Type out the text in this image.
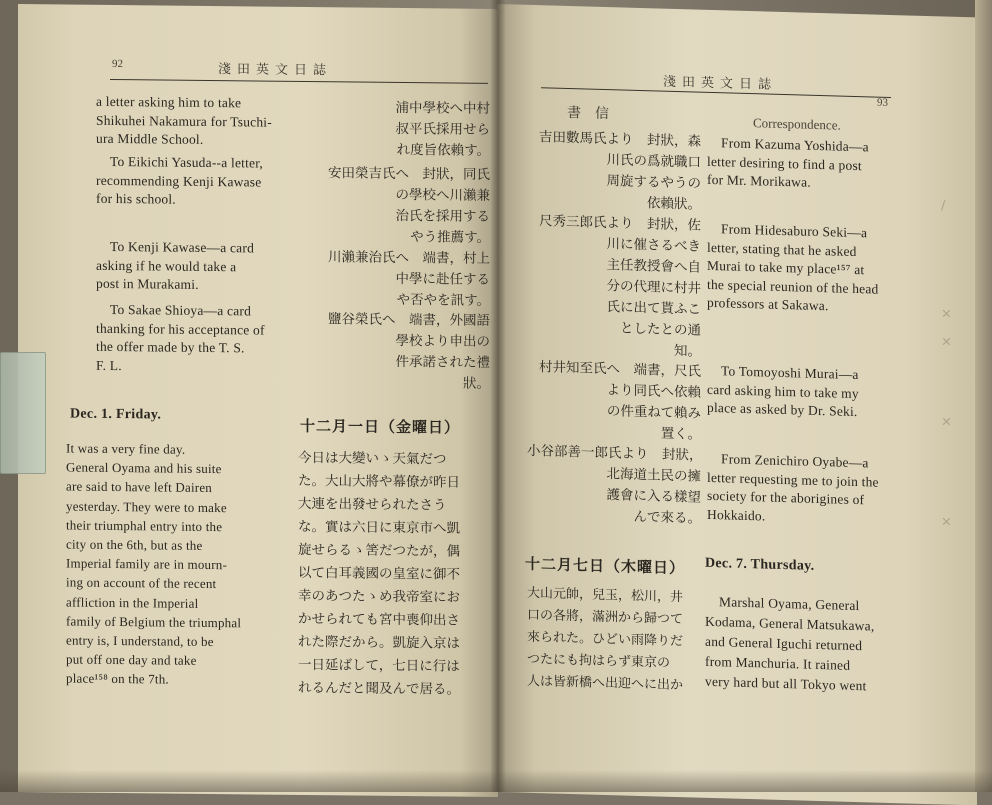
92	淺田英文日誌
a letter asking him to take
Shikuhei Nakamura for Tsuchi-
ura Middle School.
To Eikichi Yasuda--a letter,
recommending Kenji Kawase
for his school.
To Kenji Kawase—a card
asking if he would take a
post in Murakami.
To Sakae Shioya—a card
thanking for his acceptance of
the offer made by the T. S.
F. L.
浦中學校へ中村
叔平氏採用せら
れ度旨依賴す。
安田榮吉氏へ　封狀，同氏
の學校へ川瀨兼
治氏を採用する
やう推薦す。
川瀨兼治氏へ　端書，村上
中學に赴任する
や否やを訊す。
鹽谷榮氏へ　端書，外國語
學校より申出の
件承諾された禮
狀。
Dec. 1. Friday.
十二月一日（金曜日）
It was a very fine day.
General Oyama and his suite
are said to have left Dairen
yesterday. They were to make
their triumphal entry into the
city on the 6th, but as the
Imperial family are in mourn-
ing on account of the recent
affliction in the Imperial
family of Belgium the triumphal
entry is, I understand, to be
put off one day and take
place¹⁵⁸ on the 7th.
今日は大變いゝ天氣だつ
た。大山大將や幕僚が昨日
大連を出發せられたさう
な。實は六日に東京市へ凱
旋せらるゝ筈だつたが，偶
以て白耳義國の皇室に御不
幸のあつたゝめ我帝室にお
かせられても宮中喪仰出さ
れた際だから。凱旋入京は
一日延ばして，七日に行は
れるんだと聞及んで居る。
淺田英文日誌
93
書信
Correspondence.
吉田數馬氏より　封狀，森
川氏の爲就職口
周旋するやうの
依賴狀。
尺秀三郎氏より　封狀，佐
川に催さるべき
主任教授會へ自
分の代理に村井
氏に出て貰ふこ
としたとの通
知。
村井知至氏へ　端書，尺氏
より同氏へ依賴
の件重ねて賴み
置く。
小谷部善一郎氏より　封狀，
北海道土民の擁
護會に入る樣望
んで來る。
From Kazuma Yoshida—a
letter desiring to find a post
for Mr. Morikawa.
From Hidesaburo Seki—a
letter, stating that he asked
Murai to take my place¹⁵⁷ at
the special reunion of the head
professors at Sakawa.
To Tomoyoshi Murai—a
card asking him to take my
place as asked by Dr. Seki.
From Zenichiro Oyabe—a
letter requesting me to join the
society for the aborigines of
Hokkaido.
十二月七日（木曜日） Dec. 7. Thursday.
大山元帥，兒玉，松川，井
口の各將，滿洲から歸つて
來られた。ひどい雨降りだ
つたにも拘はらず東京の
人は皆新橋へ出迎へに出か
Marshal Oyama, General
Kodama, General Matsukawa,
and General Iguchi returned
from Manchuria. It rained
very hard but all Tokyo went
/
×
×
×
×
